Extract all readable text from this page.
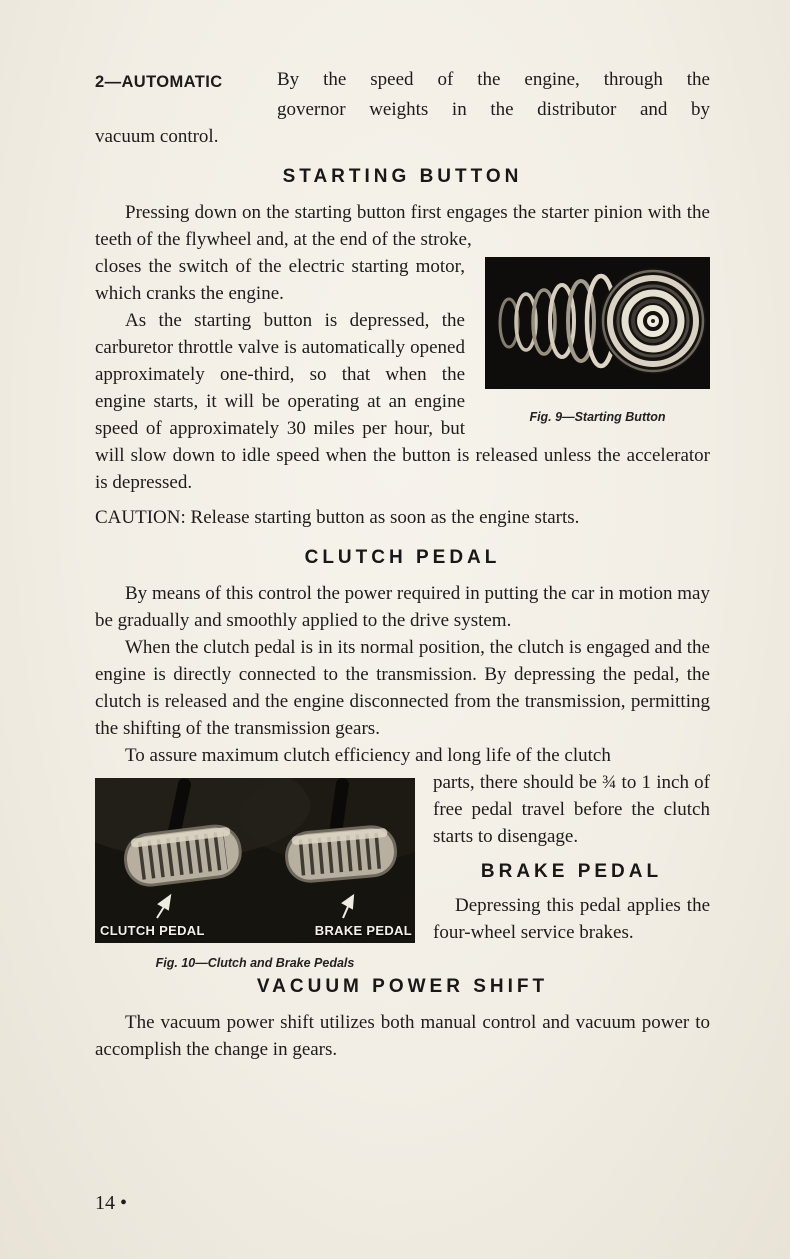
2—AUTOMATIC	By the speed of the engine, through the
governor weights in the distributor and by
vacuum control.
STARTING BUTTON

Pressing down on the starting button first engages the starter pinion with the teeth of the flywheel and, at the end of the stroke,

Fig. 9—Starting Button

closes the switch of the electric starting motor, which cranks the engine.

As the starting button is depressed, the carburetor throttle valve is automatically opened approximately one-third, so that when the engine starts, it will be operating at an engine speed of approximately 30 miles per hour, but will slow down to idle speed when the button is released unless the accelerator is depressed.

CAUTION: Release starting button as soon as the engine starts.

CLUTCH PEDAL

By means of this control the power required in putting the car in motion may be gradually and smoothly applied to the drive system.

When the clutch pedal is in its normal position, the clutch is engaged and the engine is directly connected to the transmission. By depressing the pedal, the clutch is released and the engine disconnected from the transmission, permitting the shifting of the transmission gears.

To assure maximum clutch efficiency and long life of the clutch

CLUTCH PEDAL	BRAKE PEDAL
Fig. 10—Clutch and Brake Pedals

parts, there should be ¾ to 1 inch of free pedal travel before the clutch starts to disengage.

BRAKE PEDAL

Depressing this pedal applies the four-wheel service brakes.

VACUUM POWER SHIFT

The vacuum power shift utilizes both manual control and vacuum power to accomplish the change in gears.

14 •
